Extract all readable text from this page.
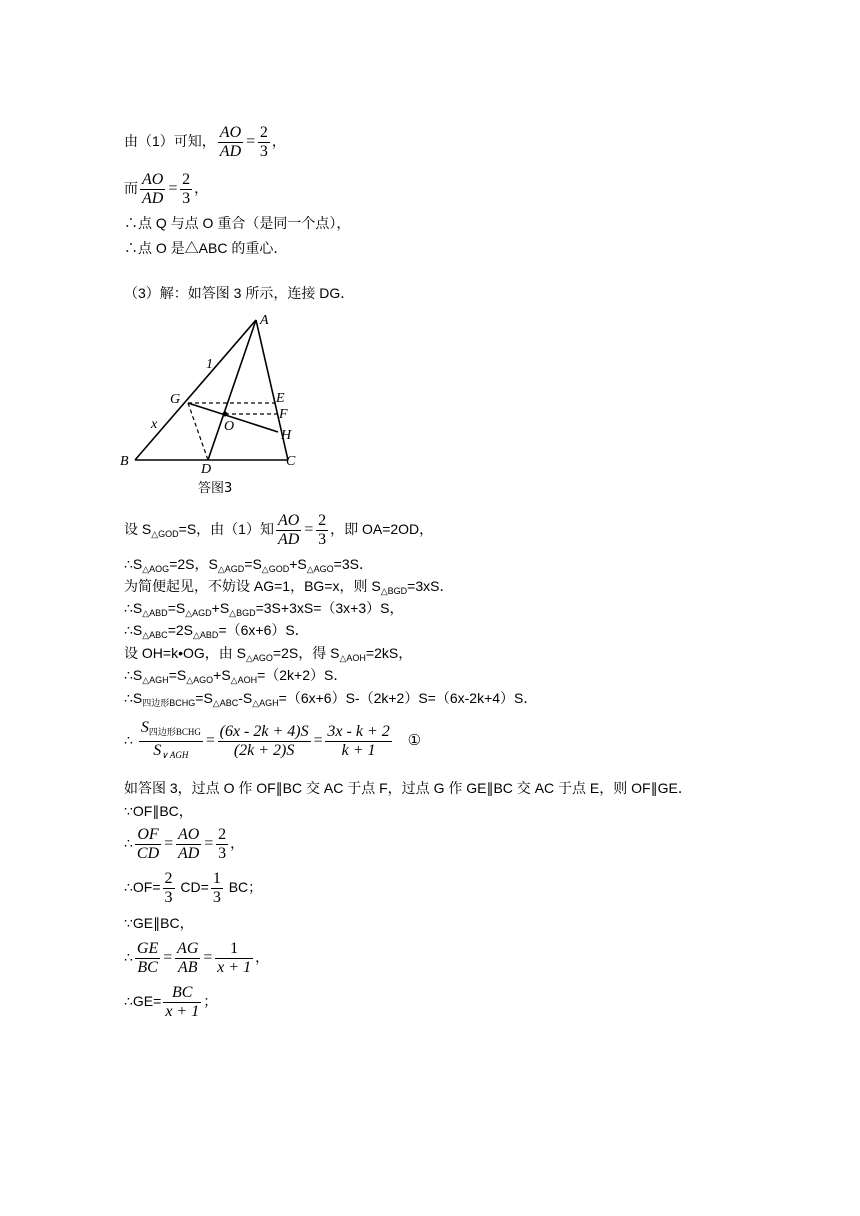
由（1）可知， $\frac{AO}{AD} = \frac{2}{3}$ ，
而 $\frac{AO}{AD} = \frac{2}{3}$ ，
∴点 Q 与点 O 重合（是同一个点），
∴点 O 是△ABC 的重心．
（3）解：如答图 3 所示，连接 DG．
A
B	C
D
E
F
G
H
O
1
x
答图3
设 $S_{\triangle GOD}=S$，由（1）知 $\frac{AO}{AD} = \frac{2}{3}$ ，即 OA=2OD，
$\therefore S_{\triangle AOG}=2S$，$S_{\triangle AGD}=S_{\triangle GOD}+S_{\triangle AGO}=3S$．
为简便起见，不妨设 AG=1，BG=x，则 $S_{\triangle BGD}=3xS$．
$\therefore S_{\triangle ABD}=S_{\triangle AGD}+S_{\triangle BGD}=3S+3xS=(3x+3)S$，
$\therefore S_{\triangle ABC}=2S_{\triangle ABD}=(6x+6)S$．
设 OH=k•OG，由 $S_{\triangle AGO}=2S$，得 $S_{\triangle AOH}=2kS$，
$\therefore S_{\triangle AGH}=S_{\triangle AGO}+S_{\triangle AOH}=(2k+2)S$．
$\therefore S_{四边形BCHG}=S_{\triangle ABC}-S_{\triangle AGH}=(6x+6)S-(2k+2)S=(6x-2k+4)S$．
∴ $\frac{S_{四边形BCHG}}{S_{\vee AGH}} = \frac{(6x - 2k + 4)S}{(2k + 2)S} = \frac{3x - k + 2}{k + 1}$ ①
如答图 3，过点 O 作 OF∥BC 交 AC 于点 F，过点 G 作 GE∥BC 交 AC 于点 E，则 OF∥GE．
∵OF∥BC，
∴ $\frac{OF}{CD} = \frac{AO}{AD} = \frac{2}{3}$ ，
∴OF= $\frac{2}{3} CD= \frac{1}{3}$ BC；
∵GE∥BC，
∴ $\frac{GE}{BC} = \frac{AG}{AB} = \frac{1}{x + 1}$ ，
∴GE= $\frac{BC}{x + 1}$ ；
